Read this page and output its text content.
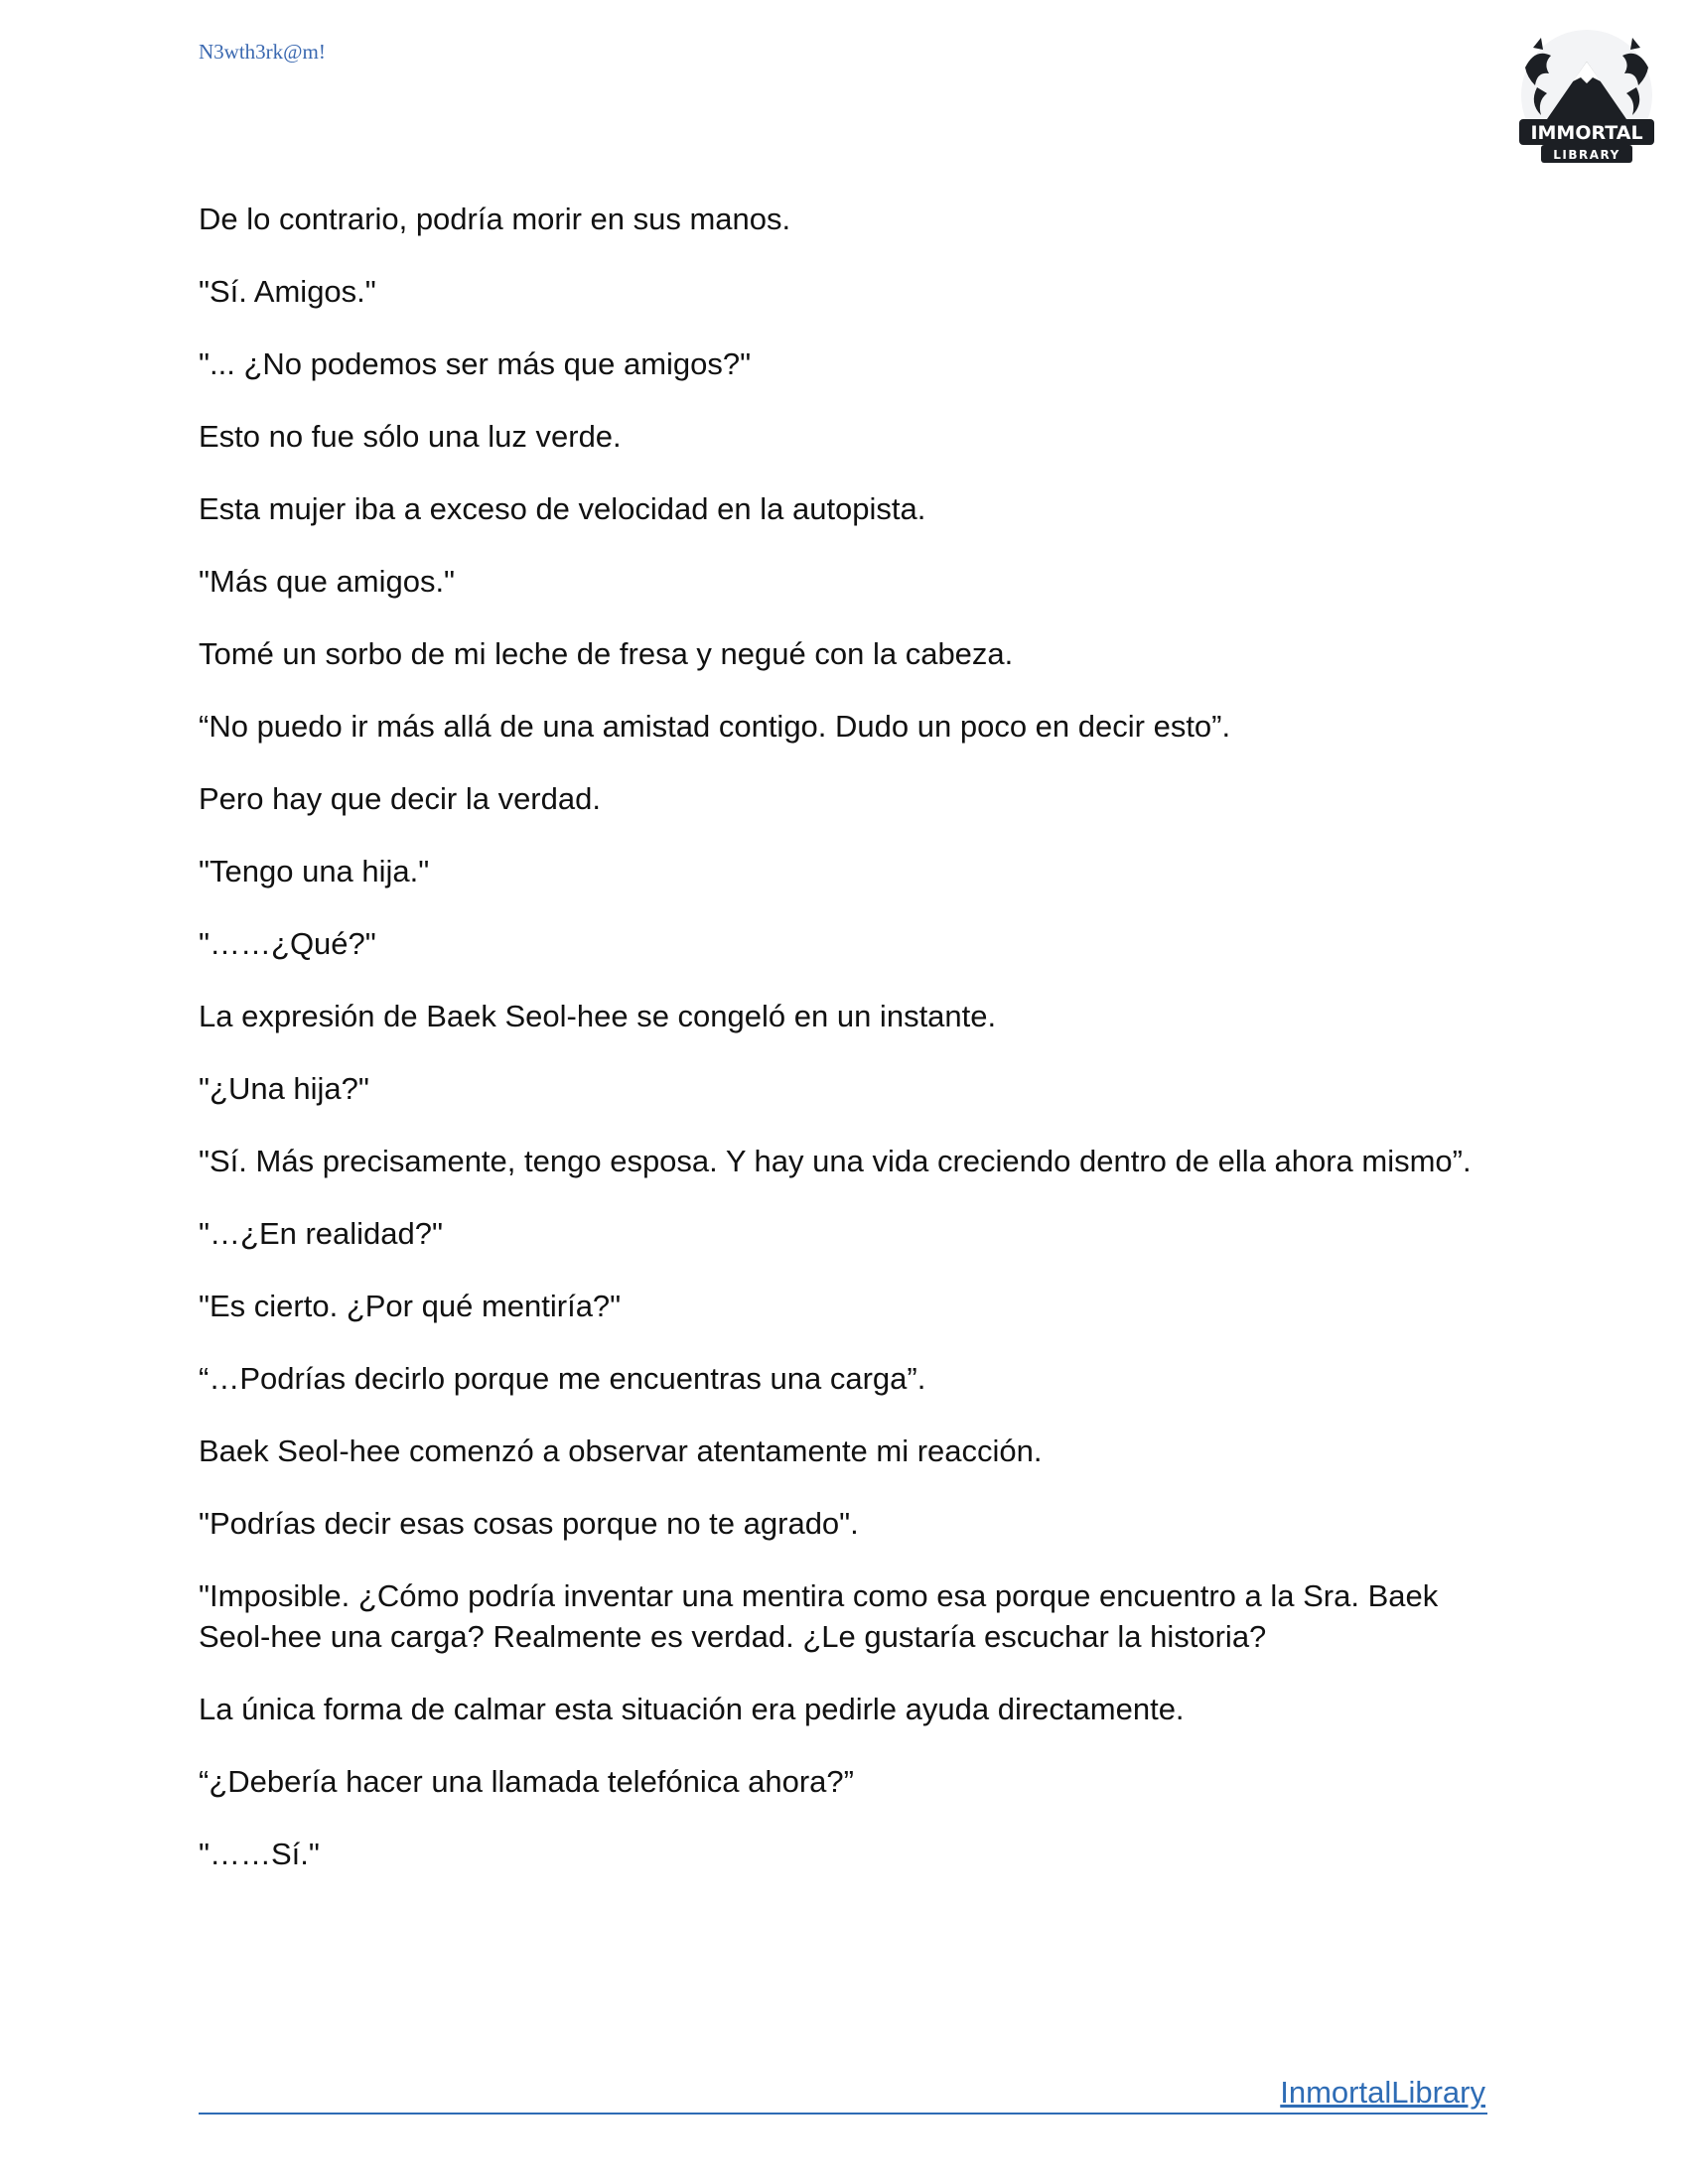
N3wth3rk@m!
IMMORTAL
LIBRARY

De lo contrario, podría morir en sus manos.

"Sí. Amigos."

"... ¿No podemos ser más que amigos?"

Esto no fue sólo una luz verde.

Esta mujer iba a exceso de velocidad en la autopista.

"Más que amigos."

Tomé un sorbo de mi leche de fresa y negué con la cabeza.

“No puedo ir más allá de una amistad contigo. Dudo un poco en decir esto”.

Pero hay que decir la verdad.

"Tengo una hija."

"……¿Qué?"

La expresión de Baek Seol-hee se congeló en un instante.

"¿Una hija?"

"Sí. Más precisamente, tengo esposa. Y hay una vida creciendo dentro de ella ahora mismo”.

"…¿En realidad?"

"Es cierto. ¿Por qué mentiría?"

“…Podrías decirlo porque me encuentras una carga”.

Baek Seol-hee comenzó a observar atentamente mi reacción.

"Podrías decir esas cosas porque no te agrado".

"Imposible. ¿Cómo podría inventar una mentira como esa porque encuentro a la Sra. Baek Seol-hee una carga? Realmente es verdad. ¿Le gustaría escuchar la historia?

La única forma de calmar esta situación era pedirle ayuda directamente.

“¿Debería hacer una llamada telefónica ahora?”

"……Sí."

InmortalLibrary
